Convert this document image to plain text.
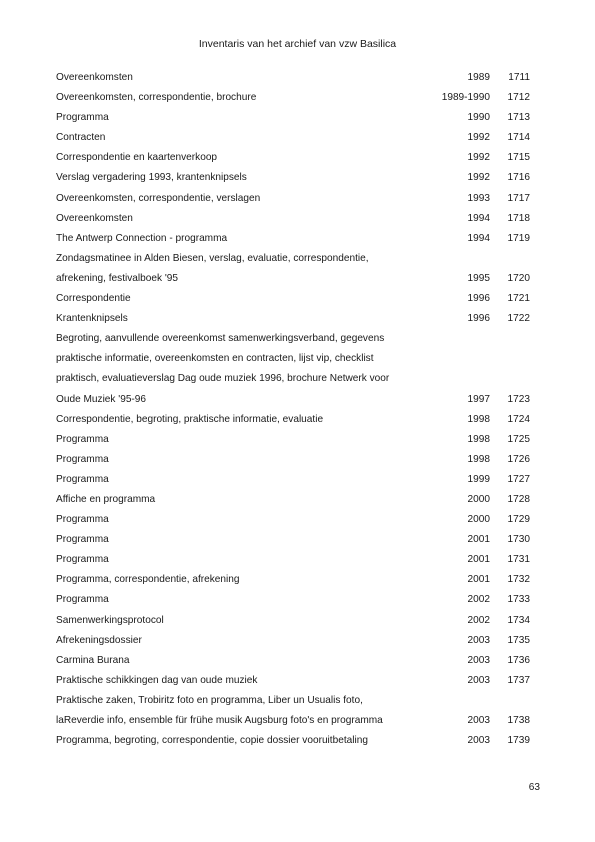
Inventaris van het archief van vzw Basilica
Overeenkomsten	1989	1711
Overeenkomsten, correspondentie, brochure	1989-1990	1712
Programma	1990	1713
Contracten	1992	1714
Correspondentie en kaartenverkoop	1992	1715
Verslag vergadering 1993, krantenknipsels	1992	1716
Overeenkomsten, correspondentie, verslagen	1993	1717
Overeenkomsten	1994	1718
The Antwerp Connection - programma	1994	1719
Zondagsmatinee in Alden Biesen, verslag, evaluatie, correspondentie,
afrekening, festivalboek '95	1995	1720
Correspondentie	1996	1721
Krantenknipsels	1996	1722
Begroting, aanvullende overeenkomst samenwerkingsverband, gegevens
praktische informatie, overeenkomsten en contracten, lijst vip, checklist
praktisch, evaluatieverslag Dag oude muziek 1996, brochure Netwerk voor
Oude Muziek '95-96	1997	1723
Correspondentie, begroting, praktische informatie, evaluatie	1998	1724
Programma	1998	1725
Programma	1998	1726
Programma	1999	1727
Affiche en programma	2000	1728
Programma	2000	1729
Programma	2001	1730
Programma	2001	1731
Programma, correspondentie, afrekening	2001	1732
Programma	2002	1733
Samenwerkingsprotocol	2002	1734
Afrekeningsdossier	2003	1735
Carmina Burana	2003	1736
Praktische schikkingen dag van oude muziek	2003	1737
Praktische zaken, Trobiritz foto en programma, Liber un Usualis foto,
laReverdie info, ensemble für frühe musik Augsburg foto's en programma	2003	1738
Programma, begroting, correspondentie, copie dossier vooruitbetaling	2003	1739
63
